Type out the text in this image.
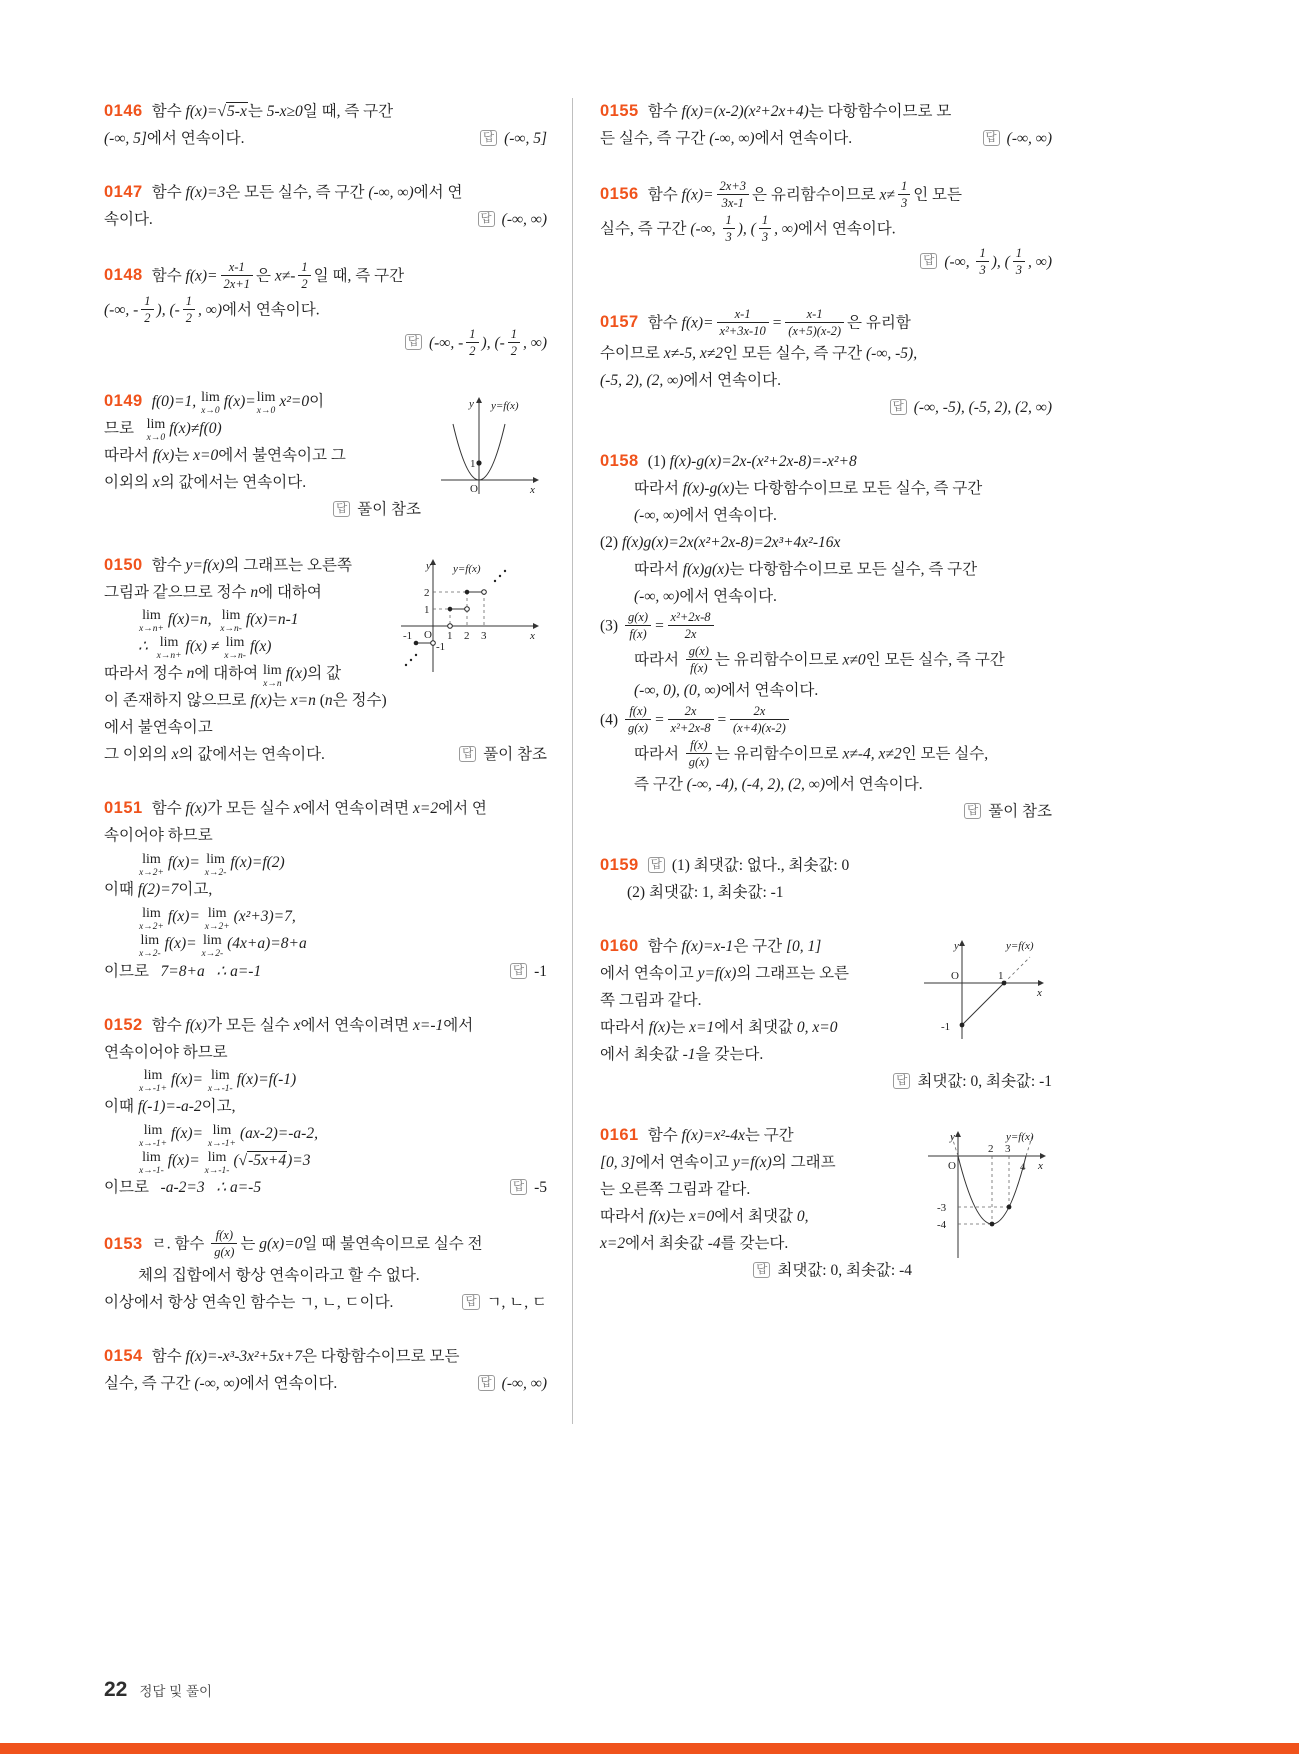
0146 함수 f(x)=√5-x는 5-x≥0일 때, 즉 구간
답 (-∞, 5]
(-∞, 5]에서 연속이다.
0147 함수 f(x)=3은 모든 실수, 즉 구간 (-∞, ∞)에서 연
답 (-∞, ∞)
속이다.
0148 함수 $f(x)= \frac{x-1}{2x+1}$ 은 $x\ne- \frac{1}{2}$ 일 때, 즉 구간
(-∞, - $\frac{1}{2}$ ), (- $\frac{1}{2}$ , ∞)에서 연속이다.
답 (-∞, - $\frac{1}{2}$ ), (- $\frac{1}{2}$ , ∞)
1
y y=f(x)
x
O
0149 f(0)=1, lim
x→0
f(x)= lim
x→0
x²=0이
므로 lim
x→0
f(x)≠f(0)
따라서 f(x)는 x=0에서 불연속이고 그
이외의 x의 값에서는 연속이다.
답 풀이 참조
y y=f(x)
x
O 1 2 3
2
1
-1
-1
0150 함수 y=f(x)의 그래프는 오른쪽
그림과 같으므로 정수 n에 대하여
lim
x→n+
f(x)=n, lim
x→n-
f(x)=n-1
∴ lim
x→n+
f(x) ≠ lim
x→n-
f(x)
따라서 정수 n에 대하여 lim
x→n
f(x)의 값
이 존재하지 않으므로 f(x)는 x=n (n은 정수)에서 불연속이고
답 풀이 참조
그 이외의 x의 값에서는 연속이다.
0151 함수 f(x)가 모든 실수 x에서 연속이려면 x=2에서 연
속이어야 하므로
lim
x→2+
f(x)= lim
x→2-
f(x)=f(2)
이때 f(2)=7이고,
lim
x→2+
f(x)= lim
x→2+
(x²+3)=7,
lim
x→2-
f(x)= lim
x→2-
(4x+a)=8+a
답 -1
이므로   7=8+a ∴ a=-1
0152 함수 f(x)가 모든 실수 x에서 연속이려면 x=-1에서
연속이어야 하므로
lim
x→-1+
f(x)= lim
x→-1-
f(x)=f(-1)
이때 f(-1)=-a-2이고,
lim
x→-1+
f(x)= lim
x→-1+
(ax-2)=-a-2,
lim
x→-1-
f(x)= lim
x→-1-
(√-5x+4)=3
답 -5
이므로   -a-2=3 ∴ a=-5
0153 ㄹ. 함수 $\frac{f(x)}{g(x)}$ 는 g(x)=0일 때 불연속이므로 실수 전
체의 집합에서 항상 연속이라고 할 수 없다.
답 ㄱ, ㄴ, ㄷ
이상에서 항상 연속인 함수는 ㄱ, ㄴ, ㄷ이다.
0154 함수 f(x)=-x³-3x²+5x+7은 다항함수이므로 모든
답 (-∞, ∞)
실수, 즉 구간 (-∞, ∞)에서 연속이다.
0155 함수 f(x)=(x-2)(x²+2x+4)는 다항함수이므로 모
답 (-∞, ∞)
든 실수, 즉 구간 (-∞, ∞)에서 연속이다.
0156 함수 $f(x)= \frac{2x+3}{3x-1}$ 은 유리함수이므로 $x\ne \frac{1}{3}$ 인 모든
실수, 즉 구간 (-∞, $\frac{1}{3}$ ), ( $\frac{1}{3}$ , ∞)에서 연속이다.
답 (-∞, $\frac{1}{3}$ ), ( $\frac{1}{3}$ , ∞)
0157 함수 $f(x)= \frac{x-1}{\text{x²+3x-10}} = \frac{x-1}{(x+5)(x-2)}$ 은 유리함
수이므로 x≠-5, x≠2인 모든 실수, 즉 구간 (-∞, -5),
(-5, 2), (2, ∞)에서 연속이다.
답 (-∞, -5), (-5, 2), (2, ∞)
0158 (1) f(x)-g(x)=2x-(x²+2x-8)=-x²+8
따라서 f(x)-g(x)는 다항함수이므로 모든 실수, 즉 구간
(-∞, ∞)에서 연속이다.
(2) f(x)g(x)=2x(x²+2x-8)=2x³+4x²-16x
따라서 f(x)g(x)는 다항함수이므로 모든 실수, 즉 구간
(-∞, ∞)에서 연속이다.
$(3) \frac{g(x)}{f(x)} = \frac{\text{x²+2x-8}}{2x}$
따라서 $\frac{g(x)}{f(x)}$ 는 유리함수이므로 x≠0인 모든 실수, 즉 구간
(-∞, 0), (0, ∞)에서 연속이다.
$(4) \frac{f(x)}{g(x)} = \frac{2x}{\text{x²+2x-8}} = \frac{2x}{(x+4)(x-2)}$
따라서 $\frac{f(x)}{g(x)}$ 는 유리함수이므로 x≠-4, x≠2인 모든 실수,
즉 구간 (-∞, -4), (-4, 2), (2, ∞)에서 연속이다.
답 풀이 참조
0159 답 (1) 최댓값: 없다., 최솟값: 0
(2) 최댓값: 1, 최솟값: -1
y	y=f(x)
x
O	1
-1
0160 함수 f(x)=x-1은 구간 [0, 1]
에서 연속이고 y=f(x)의 그래프는 오른
쪽 그림과 같다.
따라서 f(x)는 x=1에서 최댓값 0, x=0
에서 최솟값 -1을 갖는다.
답 최댓값: 0, 최솟값: -1
y	y=f(x)
x
O
2 3
4
-3
-4
0161 함수 f(x)=x²-4x는 구간
[0, 3]에서 연속이고 y=f(x)의 그래프
는 오른쪽 그림과 같다.
따라서 f(x)는 x=0에서 최댓값 0,
x=2에서 최솟값 -4를 갖는다.
답 최댓값: 0, 최솟값: -4
22 정답 및 풀이
